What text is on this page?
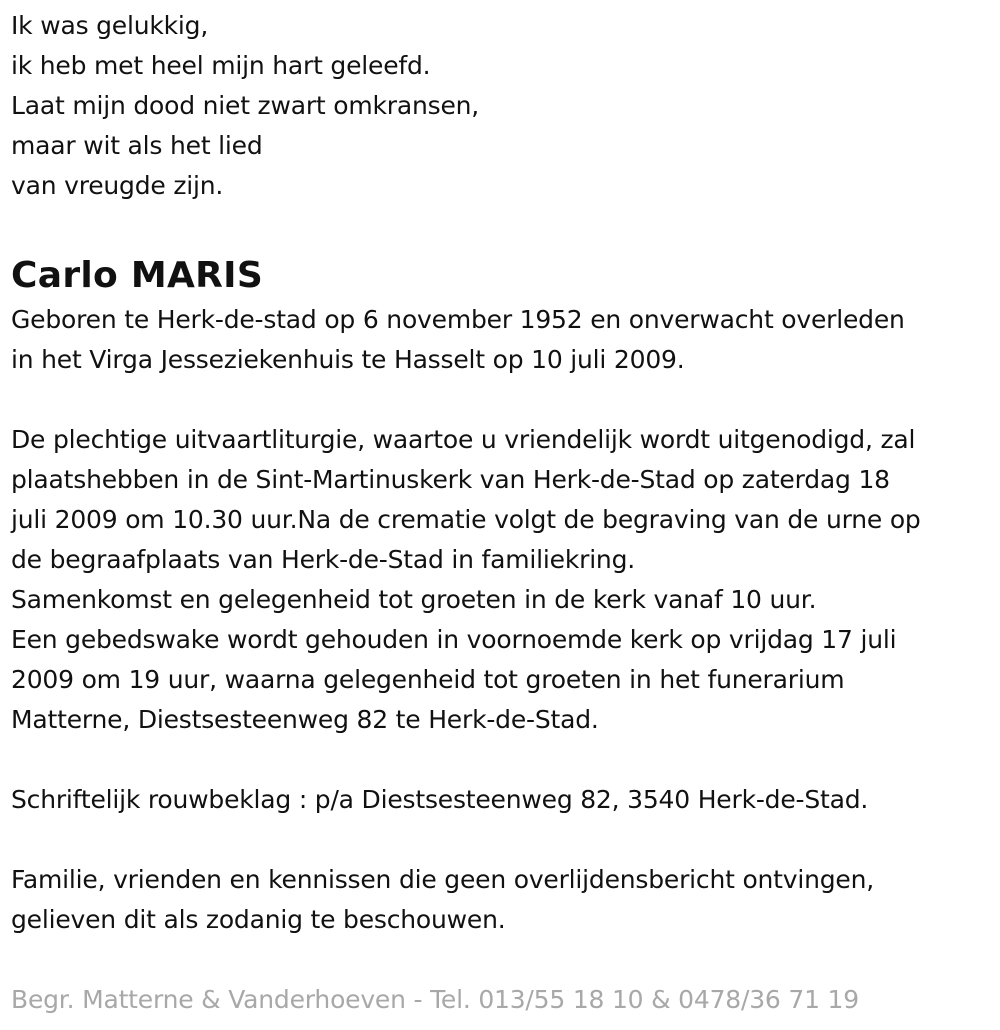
Ik was gelukkig,
ik heb met heel mijn hart geleefd.
Laat mijn dood niet zwart omkransen,
maar wit als het lied
van vreugde zijn.
Carlo MARIS
Geboren te Herk-de-stad op 6 november 1952 en onverwacht overleden
in het Virga Jesseziekenhuis te Hasselt op 10 juli 2009.
De plechtige uitvaartliturgie, waartoe u vriendelijk wordt uitgenodigd, zal
plaatshebben in de Sint-Martinuskerk van Herk-de-Stad op zaterdag 18
juli 2009 om 10.30 uur.Na de crematie volgt de begraving van de urne op
de begraafplaats van Herk-de-Stad in familiekring.
Samenkomst en gelegenheid tot groeten in de kerk vanaf 10 uur.
Een gebedswake wordt gehouden in voornoemde kerk op vrijdag 17 juli
2009 om 19 uur, waarna gelegenheid tot groeten in het funerarium
Matterne, Diestsesteenweg 82 te Herk-de-Stad.
Schriftelijk rouwbeklag : p/a Diestsesteenweg 82, 3540 Herk-de-Stad.
Familie, vrienden en kennissen die geen overlijdensbericht ontvingen,
gelieven dit als zodanig te beschouwen.
Begr. Matterne & Vanderhoeven - Tel. 013/55 18 10 & 0478/36 71 19
